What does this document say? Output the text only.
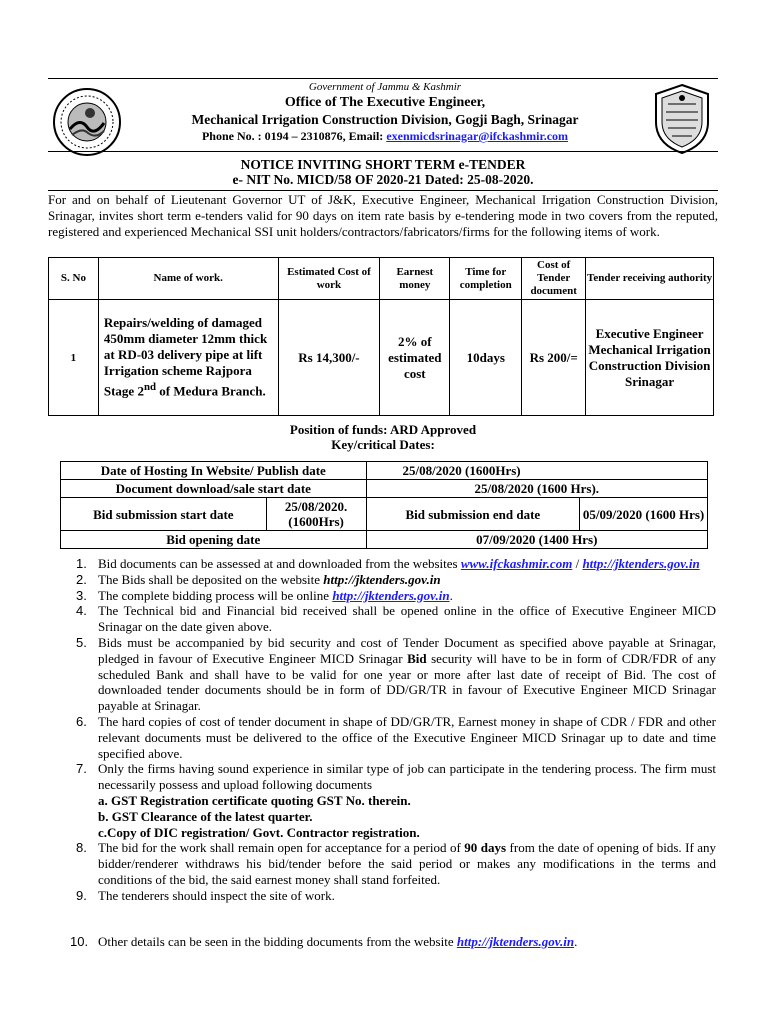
Government of Jammu & Kashmir
Office of The Executive Engineer,
Mechanical Irrigation Construction Division, Gogji Bagh, Srinagar
Phone No. : 0194 – 2310876, Email: exenmicdsrinagar@ifckashmir.com
NOTICE INVITING SHORT TERM e-TENDER
e- NIT No. MICD/58 OF 2020-21 Dated: 25-08-2020.
For and on behalf of Lieutenant Governor UT of J&K, Executive Engineer, Mechanical Irrigation Construction Division, Srinagar, invites short term e-tenders valid for 90 days on item rate basis by e-tendering mode in two covers from the reputed, registered and experienced Mechanical SSI unit holders/contractors/fabricators/firms for the following items of work.
S. No	Name of work.	Estimated Cost of work	Earnest money	Time for completion	Cost of Tender document	Tender receiving authority
1	Repairs/welding of damaged 450mm diameter 12mm thick at RD-03 delivery pipe at lift Irrigation scheme Rajpora Stage 2nd of Medura Branch.	Rs 14,300/-	2% of estimated cost	10days	Rs 200/=	Executive Engineer Mechanical Irrigation Construction Division Srinagar
Position of funds: ARD Approved
Key/critical Dates:
Date of Hosting In Website/ Publish date		25/08/2020 (1600Hrs)	
Document download/sale start date		25/08/2020 (1600 Hrs).	
Bid submission start date	25/08/2020. (1600Hrs)	Bid submission end date	05/09/2020 (1600 Hrs)
Bid opening date		07/09/2020 (1400 Hrs)	
1. Bid documents can be assessed at and downloaded from the websites www.ifckashmir.com / http://jktenders.gov.in
2. The Bids shall be deposited on the website http://jktenders.gov.in
3. The complete bidding process will be online http://jktenders.gov.in.
4. The Technical bid and Financial bid received shall be opened online in the office of Executive Engineer MICD Srinagar on the date given above.
5. Bids must be accompanied by bid security and cost of Tender Document as specified above payable at Srinagar, pledged in favour of Executive Engineer MICD Srinagar Bid security will have to be in form of CDR/FDR of any scheduled Bank and shall have to be valid for one year or more after last date of receipt of Bid. The cost of downloaded tender documents should be in form of DD/GR/TR in favour of Executive Engineer MICD Srinagar payable at Srinagar.
6. The hard copies of cost of tender document in shape of DD/GR/TR, Earnest money in shape of CDR / FDR and other relevant documents must be delivered to the office of the Executive Engineer MICD Srinagar up to date and time specified above.
7. Only the firms having sound experience in similar type of job can participate in the tendering process. The firm must necessarily possess and upload following documents
a. GST Registration certificate quoting GST No. therein.
b. GST Clearance of the latest quarter.
c.Copy of DIC registration/ Govt. Contractor registration.
8. The bid for the work shall remain open for acceptance for a period of 90 days from the date of opening of bids. If any bidder/renderer withdraws his bid/tender before the said period or makes any modifications in the terms and conditions of the bid, the said earnest money shall stand forfeited.
9. The tenderers should inspect the site of work.
10. Other details can be seen in the bidding documents from the website http://jktenders.gov.in.
